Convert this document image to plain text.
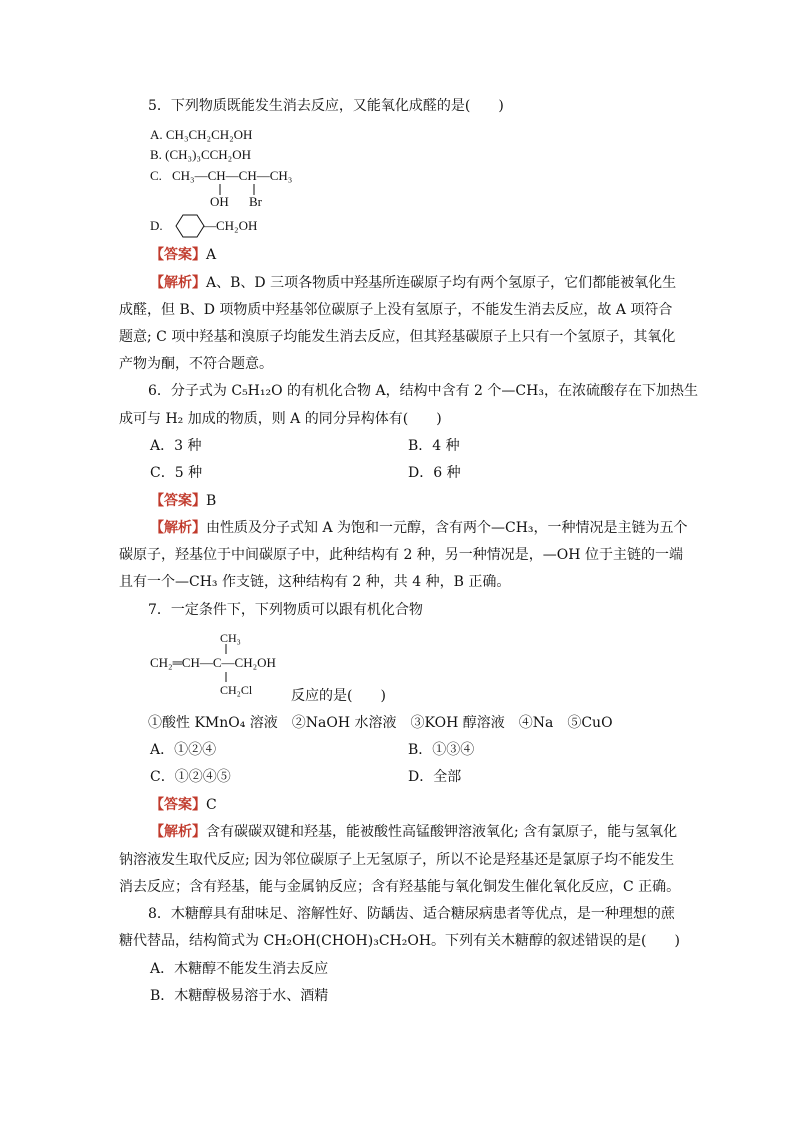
5．下列物质既能发生消去反应，又能氧化成醛的是(　　)
A. CH₃CH₂CH₂OH
B. (CH₃)₃CCH₂OH
C. CH₃—CH—CH—CH₃
OH Br
D.	—CH₂OH
【答案】A
【解析】A、B、D 三项各物质中羟基所连碳原子均有两个氢原子，它们都能被氧化生
成醛，但 B、D 项物质中羟基邻位碳原子上没有氢原子，不能发生消去反应，故 A 项符合
题意; C 项中羟基和溴原子均能发生消去反应，但其羟基碳原子上只有一个氢原子，其氧化
产物为酮，不符合题意。
6．分子式为 C₅H₁₂O 的有机化合物 A，结构中含有 2 个—CH₃，在浓硫酸存在下加热生
成可与 H₂ 加成的物质，则 A 的同分异构体有(　　)
A．3 种	B．4 种
C．5 种	D．6 种
【答案】B
【解析】由性质及分子式知 A 为饱和一元醇，含有两个—CH₃，一种情况是主链为五个
碳原子，羟基位于中间碳原子中，此种结构有 2 种，另一种情况是，—OH 位于主链的一端
且有一个—CH₃ 作支链，这种结构有 2 种，共 4 种，B 正确。
7．一定条件下，下列物质可以跟有机化合物
CH₃
CH₂═CH—C—CH₂OH
CH₂Cl	反应的是(　　)
①酸性 KMnO₄ 溶液　②NaOH 水溶液　③KOH 醇溶液　④Na　⑤CuO
A．①②④	B．①③④
C．①②④⑤	D．全部
【答案】C
【解析】含有碳碳双键和羟基，能被酸性高锰酸钾溶液氧化; 含有氯原子，能与氢氧化
钠溶液发生取代反应; 因为邻位碳原子上无氢原子，所以不论是羟基还是氯原子均不能发生
消去反应；含有羟基，能与金属钠反应；含有羟基能与氧化铜发生催化氧化反应，C 正确。
8．木糖醇具有甜味足、溶解性好、防龋齿、适合糖尿病患者等优点，是一种理想的蔗
糖代替品，结构简式为 CH₂OH(CHOH)₃CH₂OH。下列有关木糖醇的叙述错误的是(　　)
A．木糖醇不能发生消去反应
B．木糖醇极易溶于水、酒精
